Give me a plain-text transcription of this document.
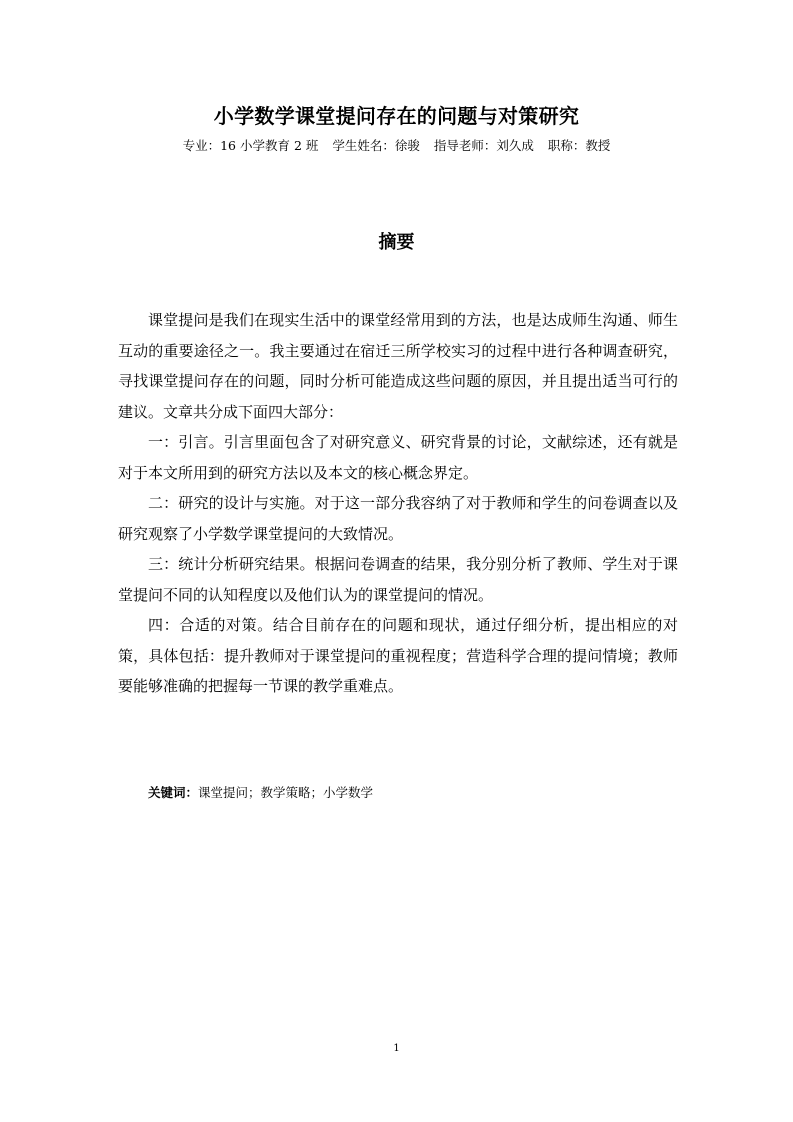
小学数学课堂提问存在的问题与对策研究
专业：16 小学教育 2 班 学生姓名：徐骏 指导老师：刘久成 职称：教授
摘要

课堂提问是我们在现实生活中的课堂经常用到的方法，也是达成师生沟通、师生互动的重要途径之一。我主要通过在宿迁三所学校实习的过程中进行各种调查研究，寻找课堂提问存在的问题，同时分析可能造成这些问题的原因，并且提出适当可行的建议。文章共分成下面四大部分：

一：引言。引言里面包含了对研究意义、研究背景的讨论，文献综述，还有就是对于本文所用到的研究方法以及本文的核心概念界定。

二：研究的设计与实施。对于这一部分我容纳了对于教师和学生的问卷调查以及研究观察了小学数学课堂提问的大致情况。

三：统计分析研究结果。根据问卷调查的结果，我分别分析了教师、学生对于课堂提问不同的认知程度以及他们认为的课堂提问的情况。

四：合适的对策。结合目前存在的问题和现状，通过仔细分析，提出相应的对策，具体包括：提升教师对于课堂提问的重视程度；营造科学合理的提问情境；教师要能够准确的把握每一节课的教学重难点。

关键词：课堂提问；教学策略；小学数学
1
